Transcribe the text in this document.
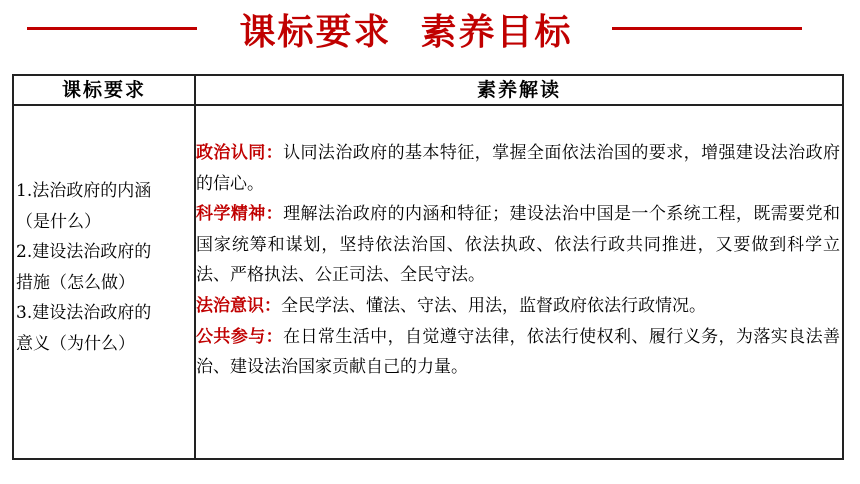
课标要求  素养目标
课标要求	素养解读
1.法治政府的内涵
（是什么）
2.建设法治政府的
措施（怎么做）
3.建设法治政府的
意义（为什么）

政治认同：认同法治政府的基本特征，掌握全面依法治国的要求，增强建设法治政府的信心。

科学精神：理解法治政府的内涵和特征；建设法治中国是一个系统工程，既需要党和国家统筹和谋划，坚持依法治国、依法执政、依法行政共同推进，又要做到科学立法、严格执法、公正司法、全民守法。

法治意识：全民学法、懂法、守法、用法，监督政府依法行政情况。

公共参与：在日常生活中，自觉遵守法律，依法行使权利、履行义务，为落实良法善治、建设法治国家贡献自己的力量。
